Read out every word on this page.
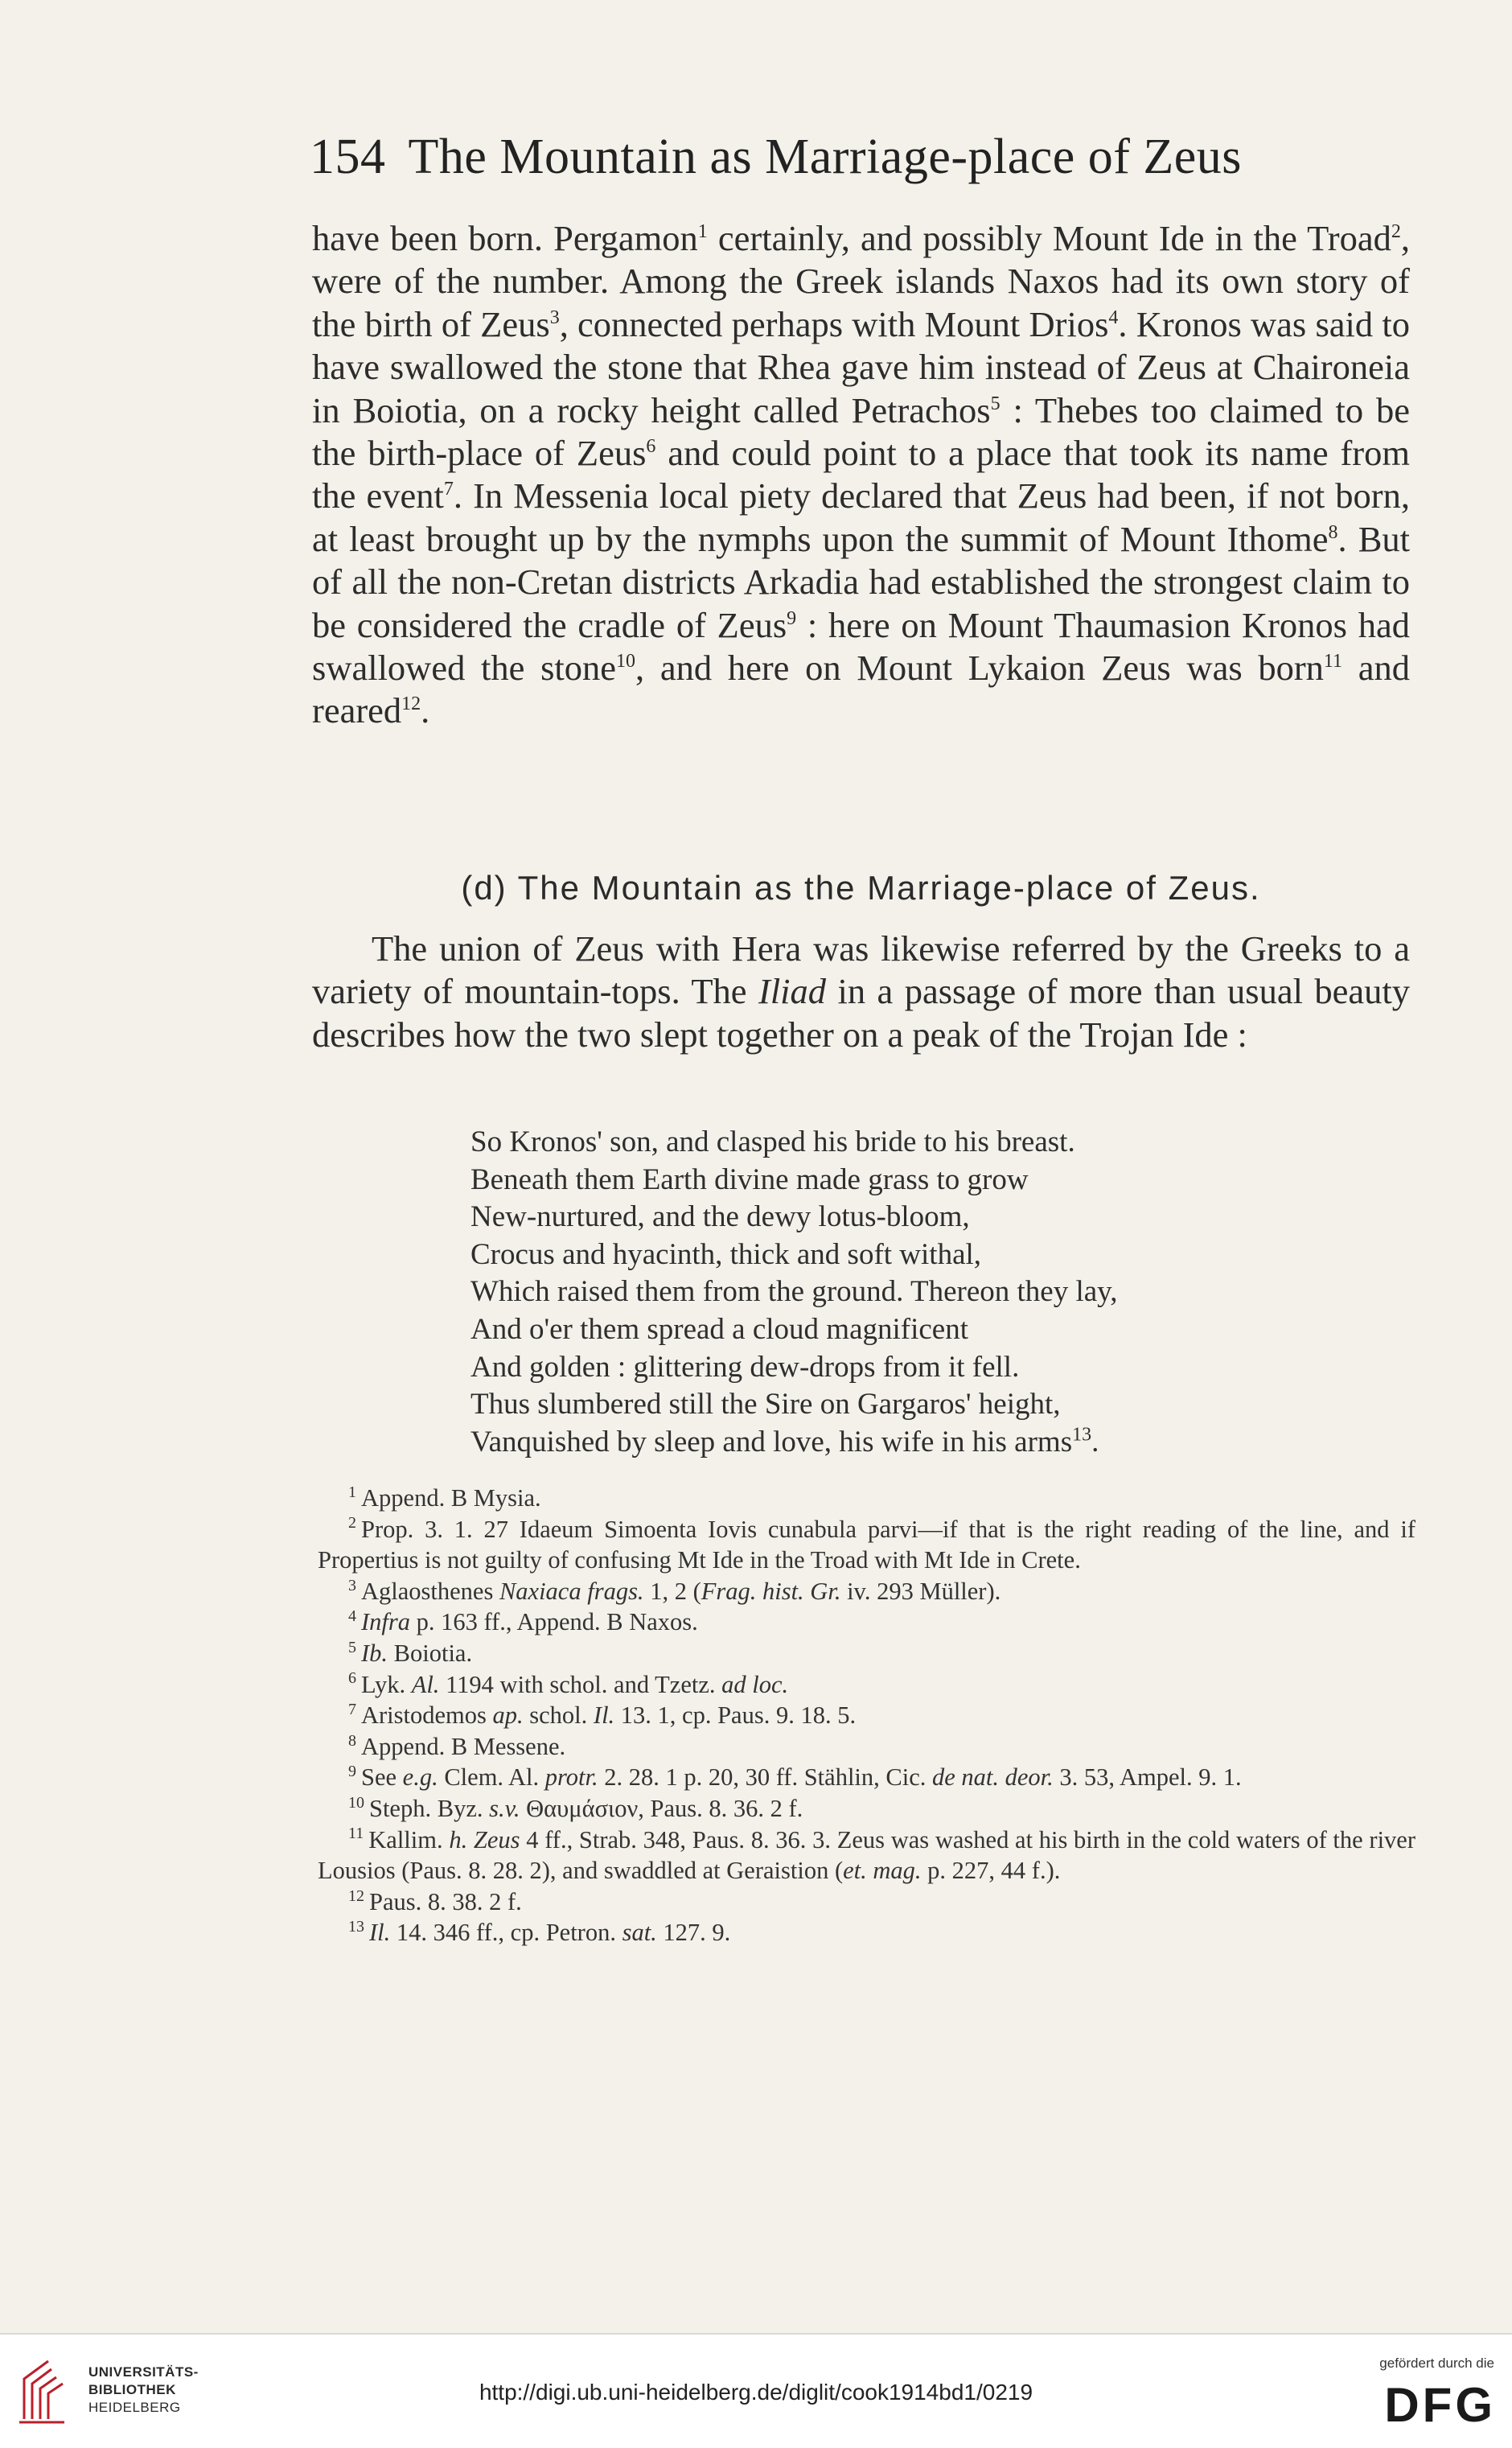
154 The Mountain as Marriage-place of Zeus

have been born. Pergamon$^1$ certainly, and possibly Mount Ide in the Troad$^2$, were of the number. Among the Greek islands Naxos had its own story of the birth of Zeus$^3$, connected perhaps with Mount Drios$^4$. Kronos was said to have swallowed the stone that Rhea gave him instead of Zeus at Chaironeia in Boiotia, on a rocky height called Petrachos$^5$ : Thebes too claimed to be the birth-place of Zeus$^6$ and could point to a place that took its name from the event$^7$. In Messenia local piety declared that Zeus had been, if not born, at least brought up by the nymphs upon the summit of Mount Ithome$^8$. But of all the non-Cretan districts Arkadia had established the strongest claim to be considered the cradle of Zeus$^9$ : here on Mount Thaumasion Kronos had swallowed the stone$^{10}$, and here on Mount Lykaion Zeus was born$^{11}$ and reared$^{12}$.

(d) The Mountain as the Marriage-place of Zeus.

The union of Zeus with Hera was likewise referred by the Greeks to a variety of mountain-tops. The Iliad in a passage of more than usual beauty describes how the two slept together on a peak of the Trojan Ide :

So Kronos' son, and clasped his bride to his breast.
Beneath them Earth divine made grass to grow
New-nurtured, and the dewy lotus-bloom,
Crocus and hyacinth, thick and soft withal,
Which raised them from the ground. Thereon they lay,
And o'er them spread a cloud magnificent
And golden : glittering dew-drops from it fell.
Thus slumbered still the Sire on Gargaros' height,
Vanquished by sleep and love, his wife in his arms$^{13}$.

$^1$ Append. B Mysia.

$^2$ Prop. 3. 1. 27 Idaeum Simoenta Iovis cunabula parvi—if that is the right reading of the line, and if Propertius is not guilty of confusing Mt Ide in the Troad with Mt Ide in Crete.

$^3$ Aglaosthenes Naxiaca frags. 1, 2 (Frag. hist. Gr. iv. 293 Müller).

$^4$ Infra p. 163 ff., Append. B Naxos.

$^5$ Ib. Boiotia.

$^6$ Lyk. Al. 1194 with schol. and Tzetz. ad loc.

$^7$ Aristodemos ap. schol. Il. 13. 1, cp. Paus. 9. 18. 5.

$^8$ Append. B Messene.

$^9$ See e.g. Clem. Al. protr. 2. 28. 1 p. 20, 30 ff. Stählin, Cic. de nat. deor. 3. 53, Ampel. 9. 1.

$^{10}$ Steph. Byz. s.v. Θαυμάσιον, Paus. 8. 36. 2 f.

$^{11}$ Kallim. h. Zeus 4 ff., Strab. 348, Paus. 8. 36. 3. Zeus was washed at his birth in the cold waters of the river Lousios (Paus. 8. 28. 2), and swaddled at Geraistion (et. mag. p. 227, 44 f.).

$^{12}$ Paus. 8. 38. 2 f.

$^{13}$ Il. 14. 346 ff., cp. Petron. sat. 127. 9.

UNIVERSITÄTS-
BIBLIOTHEK
HEIDELBERG
http://digi.ub.uni-heidelberg.de/diglit/cook1914bd1/0219
gefördert durch die
DFG
